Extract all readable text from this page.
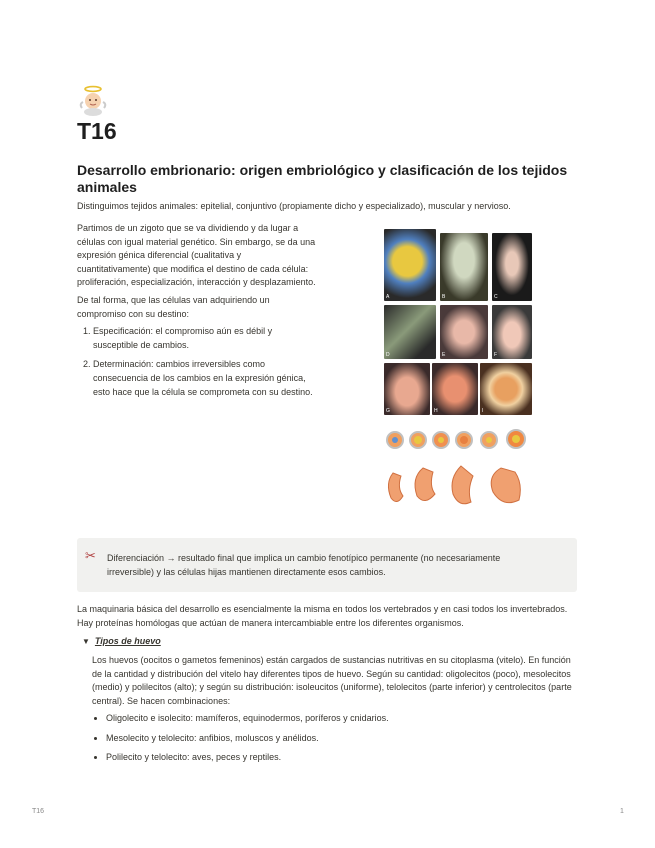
T16
Desarrollo embrionario: origen embriológico y clasificación de los tejidos animales

Distinguimos tejidos animales: epitelial, conjuntivo (propiamente dicho y especializado), muscular y nervioso.

Partimos de un zigoto que se va dividiendo y da lugar a células con igual material genético. Sin embargo, se da una expresión génica diferencial (cualitativa y cuantitativamente) que modifica el destino de cada célula: proliferación, especialización, interacción y desplazamiento.

De tal forma, que las células van adquiriendo un compromiso con su destino:

1. Especificación: el compromiso aún es débil y susceptible de cambios.
2. Determinación: cambios irreversibles como consecuencia de los cambios en la expresión génica, esto hace que la célula se comprometa con su destino.
A	B	C
D	E	F
G	H	I
✂ Diferenciación → resultado final que implica un cambio fenotípico permanente (no necesariamente irreversible) y las células hijas mantienen directamente esos cambios.

La maquinaria básica del desarrollo es esencialmente la misma en todos los vertebrados y en casi todos los invertebrados. Hay proteínas homólogas que actúan de manera intercambiable entre los diferentes organismos.

▼ Tipos de huevo

Los huevos (oocitos o gametos femeninos) están cargados de sustancias nutritivas en su citoplasma (vitelo). En función de la cantidad y distribución del vitelo hay diferentes tipos de huevo. Según su cantidad: oligolecitos (poco), mesolecitos (medio) y polilecitos (alto); y según su distribución: isoleucitos (uniforme), telolecitos (parte inferior) y centrolecitos (parte central). Se hacen combinaciones:

• Oligolecito e isolecito: mamíferos, equinodermos, poríferos y cnidarios.
• Mesolecito y telolecito: anfibios, moluscos y anélidos.
• Polilecito y telolecito: aves, peces y reptiles.
T16	1
